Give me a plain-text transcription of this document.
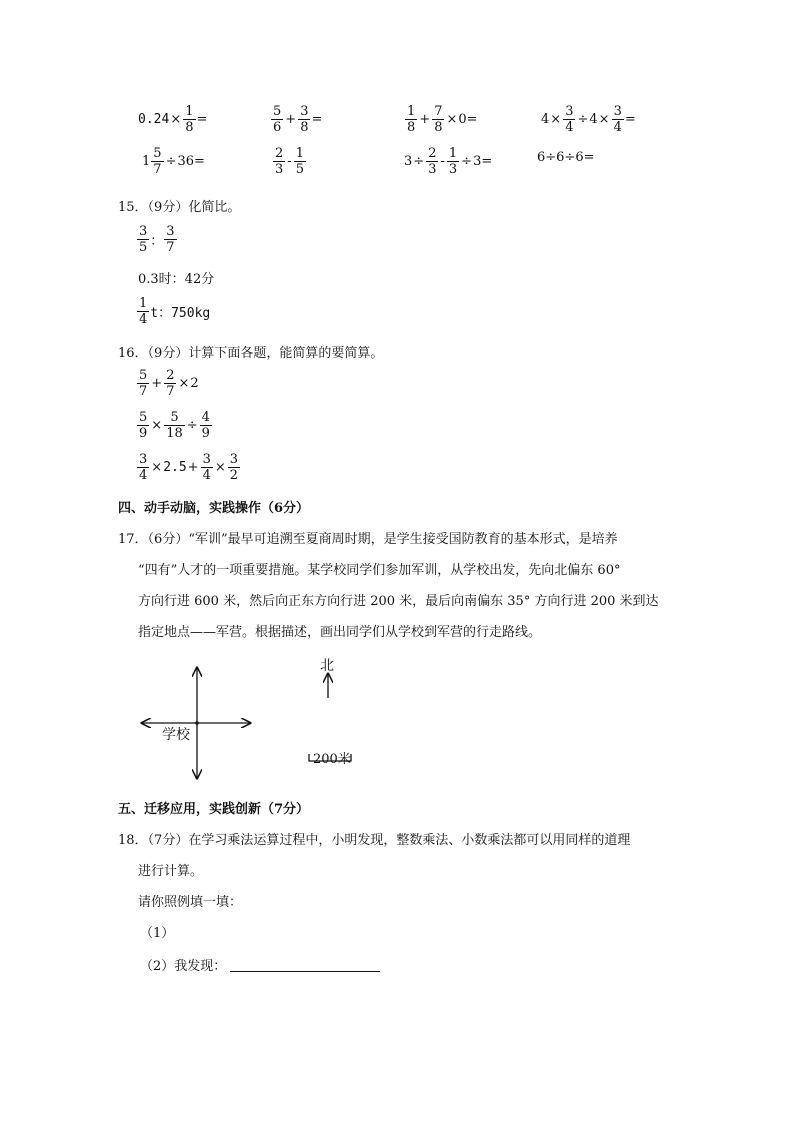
$0.24 \times \frac{1}{8}$ =	$\frac{5}{6} + \frac{3}{8}$ =	$\frac{1}{8} + \frac{7}{8} \times 0$ =	$4 \times \frac{3}{4} \div 4 \times \frac{3}{4}$ =
$1 \frac{5}{7} \div 36$ =	$\frac{2}{3} - \frac{1}{5}$	$3 \div \frac{2}{3} - \frac{1}{3} \div 3$ =	6÷6÷6=
15．（9分）化简比。
$\frac{3}{5}$ ： $\frac{3}{7}$
0.3时：42分
$\frac{1}{4}$ t：750kg
16．（9分）计算下面各题，能简算的要简算。
$\frac{5}{7} + \frac{2}{7} \times 2$
$\frac{5}{9} \times \frac{5}{18} \div \frac{4}{9}$
$\frac{3}{4} \times 2.5 + \frac{3}{4} \times \frac{3}{2}$
四、动手动脑，实践操作（6分）
17．（6分）“军训”最早可追溯至夏商周时期，是学生接受国防教育的基本形式，是培养
“四有”人才的一项重要措施。某学校同学们参加军训，从学校出发，先向北偏东 60°
方向行进 600 米，然后向正东方向行进 200 米，最后向南偏东 35° 方向行进 200 米到达
指定地点——军营。根据描述，画出同学们从学校到军营的行走路线。
学校
北
200米
五、迁移应用，实践创新（7分）
18．（7分）在学习乘法运算过程中，小明发现，整数乘法、小数乘法都可以用同样的道理
进行计算。
请你照例填一填：
（1）
（2）我发现：
